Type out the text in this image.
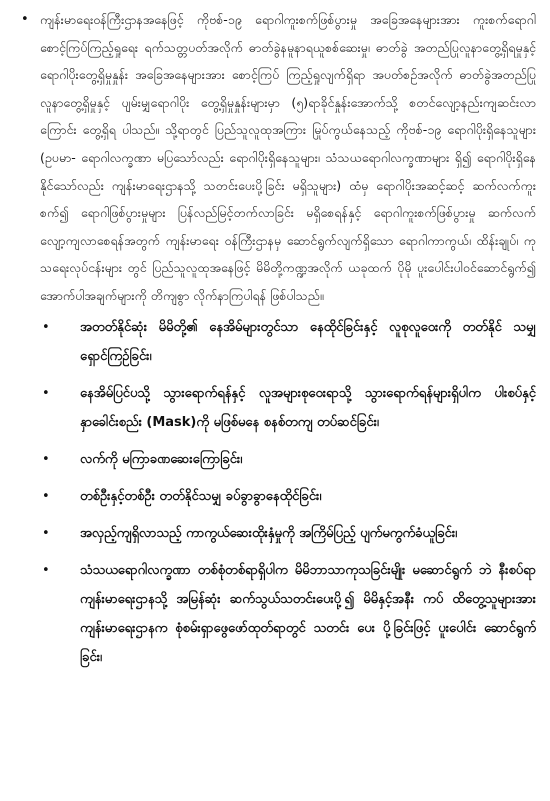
• ကျန်းမာရေးဝန်ကြီးဌာနအနေဖြင့် ကိုဗစ်-၁၉ ရောဂါကူးစက်ဖြစ်ပွားမှု အခြေအနေများအား ကူးစက်ရောဂါစောင့်ကြပ်ကြည့်ရှုရေး ရက်သတ္တပတ်အလိုက် ဓာတ်ခွဲနမူနာရယူစစ်ဆေးမှု၊ ဓာတ်ခွဲ အတည်ပြုလူနာတွေ့ရှိရမှုနှင့် ရောဂါပိုးတွေ့ရှိမှုနှုန်း အခြေအနေများအား စောင့်ကြပ် ကြည့်ရှုလျက်ရှိရာ အပတ်စဉ်အလိုက် ဓာတ်ခွဲအတည်ပြုလူနာတွေ့ရှိမှုနှင့် ပျမ်းမျှရောဂါပိုး တွေ့ရှိမှုနှုန်းများမှာ (၅)ရာခိုင်နှုန်းအောက်သို့ စတင်လျော့နည်းကျဆင်းလာကြောင်း တွေ့ရှိရ ပါသည်။ သို့ရာတွင် ပြည်သူလူထုအကြား မြုပ်ကွယ်နေသည့် ကိုဗစ်-၁၉ ရောဂါပိုးရှိနေသူများ (ဥပမာ- ရောဂါလက္ခဏာ မပြသော်လည်း ရောဂါပိုးရှိနေသူများ၊ သံသယရောဂါလက္ခဏာများ ရှိ၍ ရောဂါပိုးရှိနေနိုင်သော်လည်း ကျန်းမာရေးဌာနသို့ သတင်းပေးပို့ခြင်း မရှိသူများ) ထံမှ ရောဂါပိုးအဆင့်ဆင့် ဆက်လက်ကူးစက်၍ ရောဂါဖြစ်ပွားမှုများ ပြန်လည်မြင့်တက်လာခြင်း မရှိစေရန်နှင့် ရောဂါကူးစက်ဖြစ်ပွားမှု ဆက်လက် လျော့ကျလာစေရန်အတွက် ကျန်းမာရေး ဝန်ကြီးဌာနမှ ဆောင်ရွက်လျက်ရှိသော ရောဂါကာကွယ်၊ ထိန်းချုပ်၊ ကုသရေးလုပ်ငန်းများ တွင် ပြည်သူလူထုအနေဖြင့် မိမိတို့ကဏ္ဍအလိုက် ယခုထက် ပိုမို ပူးပေါင်းပါဝင်ဆောင်ရွက်၍ အောက်ပါအချက်များကို တိကျစွာ လိုက်နာကြပါရန် ဖြစ်ပါသည်။
• အတတ်နိုင်ဆုံး မိမိတို့၏ နေအိမ်များတွင်သာ နေထိုင်ခြင်းနှင့် လူစုလူဝေးကို တတ်နိုင် သမျှ ရှောင်ကြဉ်ခြင်း၊
• နေအိမ်ပြင်ပသို့ သွားရောက်ရန်နှင့် လူအများစုဝေးရာသို့ သွားရောက်ရန်များရှိပါက ပါးစပ်နှင့် နှာခေါင်းစည်း (Mask)ကို မဖြစ်မနေ စနစ်တကျ တပ်ဆင်ခြင်း၊
• လက်ကို မကြာခဏဆေးကြောခြင်း၊
• တစ်ဦးနှင့်တစ်ဦး တတ်နိုင်သမျှ ခပ်ခွာခွာနေထိုင်ခြင်း၊
• အလှည့်ကျရှိလာသည့် ကာကွယ်ဆေးထိုးနှံမှုကို အကြိမ်ပြည့် ပျက်မကွက်ခံယူခြင်း၊
• သံသယရောဂါလက္ခဏာ တစ်စုံတစ်ရာရှိပါက မိမိဘာသာကုသခြင်းမျိုး မဆောင်ရွက် ဘဲ နီးစပ်ရာကျန်းမာရေးဌာနသို့ အမြန်ဆုံး ဆက်သွယ်သတင်းပေးပို့၍ မိမိနှင့်အနီး ကပ် ထိတွေ့သူများအား ကျန်းမာရေးဌာနက စုံစမ်းရှာဖွေဖော်ထုတ်ရာတွင် သတင်း ပေး ပို့ခြင်းဖြင့် ပူးပေါင်း ဆောင်ရွက်ခြင်း၊
